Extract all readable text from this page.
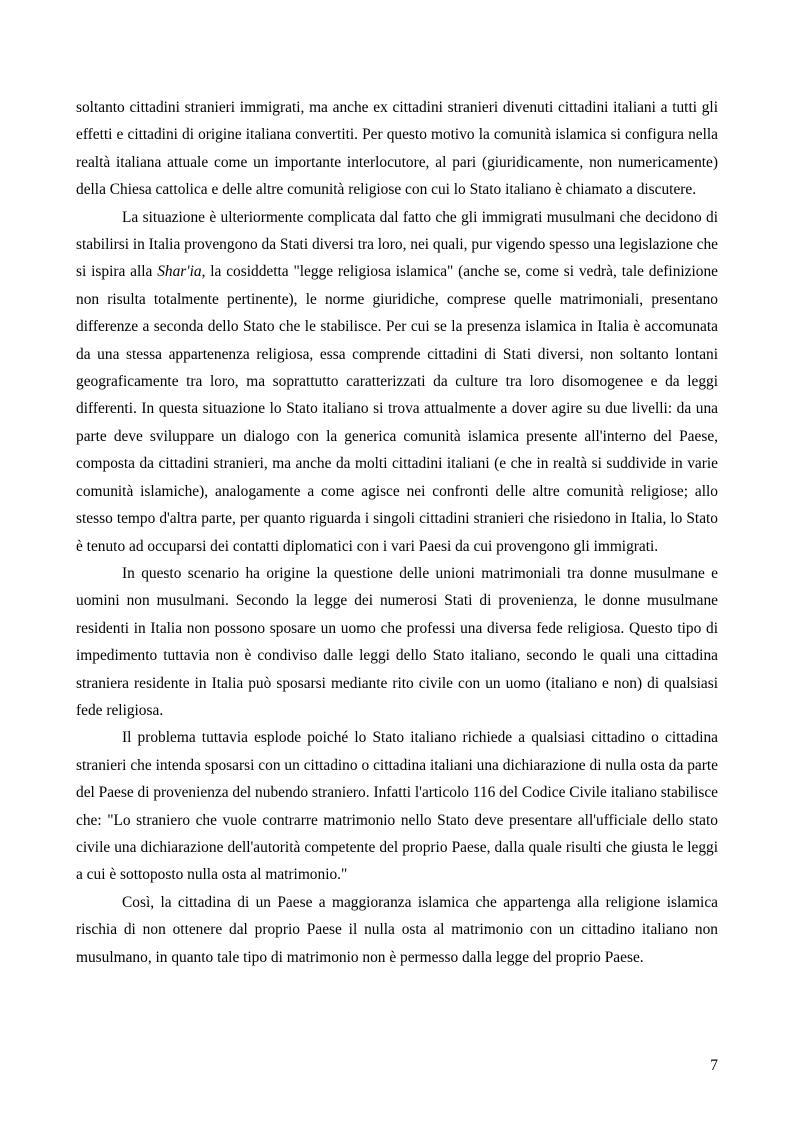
soltanto cittadini stranieri immigrati, ma anche ex cittadini stranieri divenuti cittadini italiani a tutti gli effetti e cittadini di origine italiana convertiti. Per questo motivo la comunità islamica si configura nella realtà italiana attuale come un importante interlocutore, al pari (giuridicamente, non numericamente) della Chiesa cattolica e delle altre comunità religiose con cui lo Stato italiano è chiamato a discutere.

La situazione è ulteriormente complicata dal fatto che gli immigrati musulmani che decidono di stabilirsi in Italia provengono da Stati diversi tra loro, nei quali, pur vigendo spesso una legislazione che si ispira alla Shar'ia, la cosiddetta "legge religiosa islamica" (anche se, come si vedrà, tale definizione non risulta totalmente pertinente), le norme giuridiche, comprese quelle matrimoniali, presentano differenze a seconda dello Stato che le stabilisce. Per cui se la presenza islamica in Italia è accomunata da una stessa appartenenza religiosa, essa comprende cittadini di Stati diversi, non soltanto lontani geograficamente tra loro, ma soprattutto caratterizzati da culture tra loro disomogenee e da leggi differenti. In questa situazione lo Stato italiano si trova attualmente a dover agire su due livelli: da una parte deve sviluppare un dialogo con la generica comunità islamica presente all'interno del Paese, composta da cittadini stranieri, ma anche da molti cittadini italiani (e che in realtà si suddivide in varie comunità islamiche), analogamente a come agisce nei confronti delle altre comunità religiose; allo stesso tempo d'altra parte, per quanto riguarda i singoli cittadini stranieri che risiedono in Italia, lo Stato è tenuto ad occuparsi dei contatti diplomatici con i vari Paesi da cui provengono gli immigrati.

In questo scenario ha origine la questione delle unioni matrimoniali tra donne musulmane e uomini non musulmani. Secondo la legge dei numerosi Stati di provenienza, le donne musulmane residenti in Italia non possono sposare un uomo che professi una diversa fede religiosa. Questo tipo di impedimento tuttavia non è condiviso dalle leggi dello Stato italiano, secondo le quali una cittadina straniera residente in Italia può sposarsi mediante rito civile con un uomo (italiano e non) di qualsiasi fede religiosa.

Il problema tuttavia esplode poiché lo Stato italiano richiede a qualsiasi cittadino o cittadina stranieri che intenda sposarsi con un cittadino o cittadina italiani una dichiarazione di nulla osta da parte del Paese di provenienza del nubendo straniero. Infatti l'articolo 116 del Codice Civile italiano stabilisce che: "Lo straniero che vuole contrarre matrimonio nello Stato deve presentare all'ufficiale dello stato civile una dichiarazione dell'autorità competente del proprio Paese, dalla quale risulti che giusta le leggi a cui è sottoposto nulla osta al matrimonio."

Così, la cittadina di un Paese a maggioranza islamica che appartenga alla religione islamica rischia di non ottenere dal proprio Paese il nulla osta al matrimonio con un cittadino italiano non musulmano, in quanto tale tipo di matrimonio non è permesso dalla legge del proprio Paese.

7
